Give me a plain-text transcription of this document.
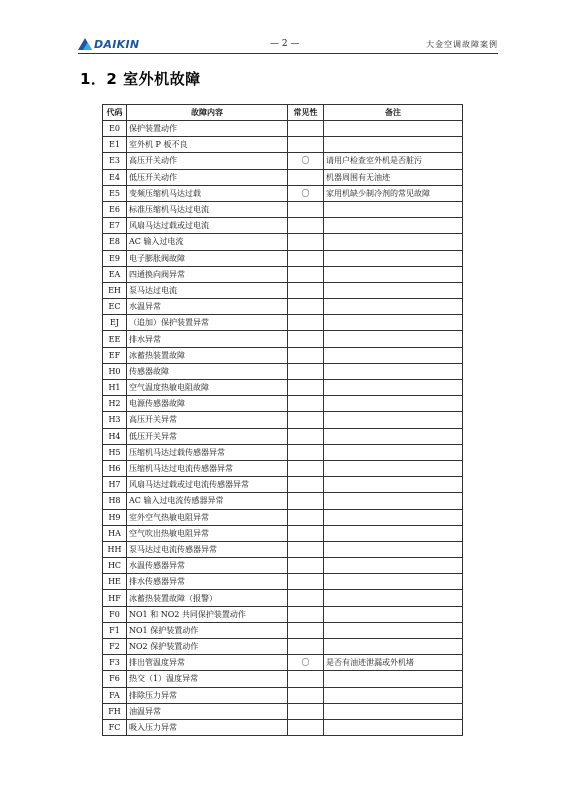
DAIKIN	— 2 —	大金空调故障案例
1．2 室外机故障
代码	故障内容	常见性	备注
E0	保护装置动作		
E1	室外机 P 板不良		
E3	高压开关动作	〇	请用户检查室外机是否脏污
E4	低压开关动作		机器周围有无油迹
E5	变频压缩机马达过载	〇	家用机缺少制冷剂的常见故障
E6	标准压缩机马达过电流		
E7	风扇马达过载或过电流		
E8	AC 输入过电流		
E9	电子膨胀阀故障		
EA	四通换向阀异常		
EH	泵马达过电流		
EC	水温异常		
EJ	（追加）保护装置异常		
EE	排水异常		
EF	冰蓄热装置故障		
H0	传感器故障		
H1	空气温度热敏电阻故障		
H2	电源传感器故障		
H3	高压开关异常		
H4	低压开关异常		
H5	压缩机马达过载传感器异常		
H6	压缩机马达过电流传感器异常		
H7	风扇马达过载或过电流传感器异常		
H8	AC 输入过电流传感器异常		
H9	室外空气热敏电阻异常		
HA	空气吹出热敏电阻异常		
HH	泵马达过电流传感器异常		
HC	水温传感器异常		
HE	排水传感器异常		
HF	冰蓄热装置故障（报警）		
F0	NO1 和 NO2 共同保护装置动作		
F1	NO1 保护装置动作		
F2	NO2 保护装置动作		
F3	排出管温度异常	〇	是否有油迹泄漏或外机堵
F6	热交（1）温度异常		
FA	排除压力异常		
FH	油温异常		
FC	吸入压力异常		
